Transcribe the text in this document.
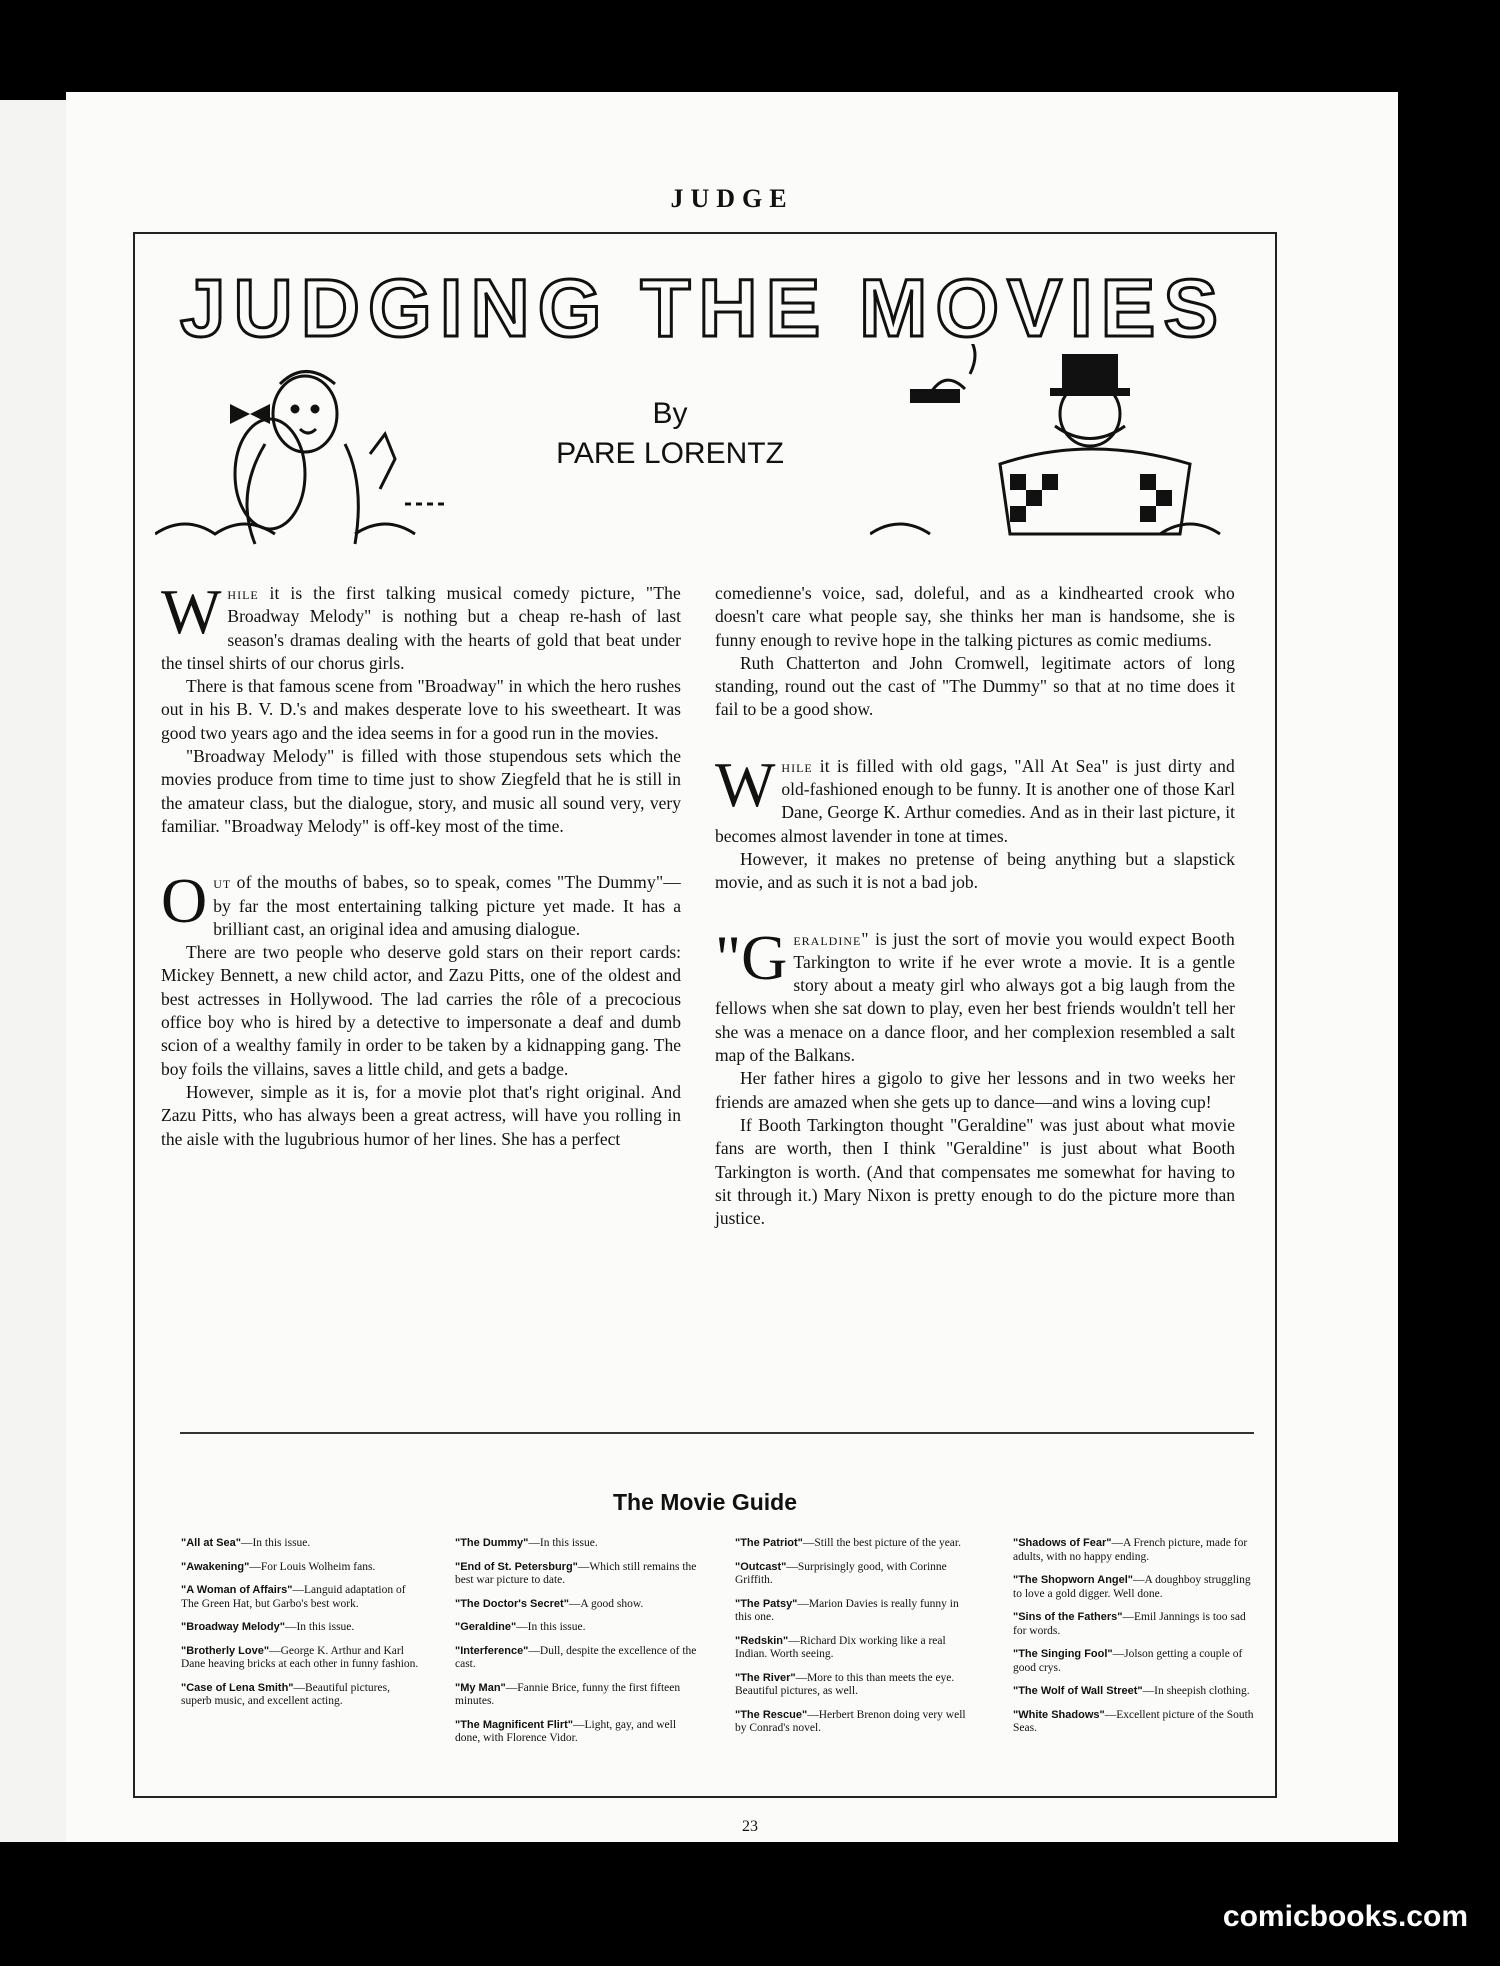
JUDGE
JUDGING THE MOVIES
By
PARE LORENTZ

While it is the first talking musical comedy picture, "The Broadway Melody" is nothing but a cheap re-hash of last season's dramas dealing with the hearts of gold that beat under the tinsel shirts of our chorus girls.

There is that famous scene from "Broadway" in which the hero rushes out in his B. V. D.'s and makes desperate love to his sweetheart. It was good two years ago and the idea seems in for a good run in the movies.

"Broadway Melody" is filled with those stupendous sets which the movies produce from time to time just to show Ziegfeld that he is still in the amateur class, but the dialogue, story, and music all sound very, very familiar. "Broadway Melody" is off-key most of the time.

Out of the mouths of babes, so to speak, comes "The Dummy"—by far the most entertaining talking picture yet made. It has a brilliant cast, an original idea and amusing dialogue.

There are two people who deserve gold stars on their report cards: Mickey Bennett, a new child actor, and Zazu Pitts, one of the oldest and best actresses in Hollywood. The lad carries the rôle of a precocious office boy who is hired by a detective to impersonate a deaf and dumb scion of a wealthy family in order to be taken by a kidnapping gang. The boy foils the villains, saves a little child, and gets a badge.

However, simple as it is, for a movie plot that's right original. And Zazu Pitts, who has always been a great actress, will have you rolling in the aisle with the lugubrious humor of her lines. She has a perfect

comedienne's voice, sad, doleful, and as a kindhearted crook who doesn't care what people say, she thinks her man is handsome, she is funny enough to revive hope in the talking pictures as comic mediums.

Ruth Chatterton and John Cromwell, legitimate actors of long standing, round out the cast of "The Dummy" so that at no time does it fail to be a good show.

While it is filled with old gags, "All At Sea" is just dirty and old-fashioned enough to be funny. It is another one of those Karl Dane, George K. Arthur comedies. And as in their last picture, it becomes almost lavender in tone at times.

However, it makes no pretense of being anything but a slapstick movie, and as such it is not a bad job.

"Geraldine" is just the sort of movie you would expect Booth Tarkington to write if he ever wrote a movie. It is a gentle story about a meaty girl who always got a big laugh from the fellows when she sat down to play, even her best friends wouldn't tell her she was a menace on a dance floor, and her complexion resembled a salt map of the Balkans.

Her father hires a gigolo to give her lessons and in two weeks her friends are amazed when she gets up to dance—and wins a loving cup!

If Booth Tarkington thought "Geraldine" was just about what movie fans are worth, then I think "Geraldine" is just about what Booth Tarkington is worth. (And that compensates me somewhat for having to sit through it.) Mary Nixon is pretty enough to do the picture more than justice.

The Movie Guide
"All at Sea"—In this issue.
"Awakening"—For Louis Wolheim fans.
"A Woman of Affairs"—Languid adaptation of The Green Hat, but Garbo's best work.
"Broadway Melody"—In this issue.
"Brotherly Love"—George K. Arthur and Karl Dane heaving bricks at each other in funny fashion.
"Case of Lena Smith"—Beautiful pictures, superb music, and excellent acting.
"The Dummy"—In this issue.
"End of St. Petersburg"—Which still remains the best war picture to date.
"The Doctor's Secret"—A good show.
"Geraldine"—In this issue.
"Interference"—Dull, despite the excellence of the cast.
"My Man"—Fannie Brice, funny the first fifteen minutes.
"The Magnificent Flirt"—Light, gay, and well done, with Florence Vidor.
"The Patriot"—Still the best picture of the year.
"Outcast"—Surprisingly good, with Corinne Griffith.
"The Patsy"—Marion Davies is really funny in this one.
"Redskin"—Richard Dix working like a real Indian. Worth seeing.
"The River"—More to this than meets the eye. Beautiful pictures, as well.
"The Rescue"—Herbert Brenon doing very well by Conrad's novel.
"Shadows of Fear"—A French picture, made for adults, with no happy ending.
"The Shopworn Angel"—A doughboy struggling to love a gold digger. Well done.
"Sins of the Fathers"—Emil Jannings is too sad for words.
"The Singing Fool"—Jolson getting a couple of good crys.
"The Wolf of Wall Street"—In sheepish clothing.
"White Shadows"—Excellent picture of the South Seas.
23
comicbooks.com
